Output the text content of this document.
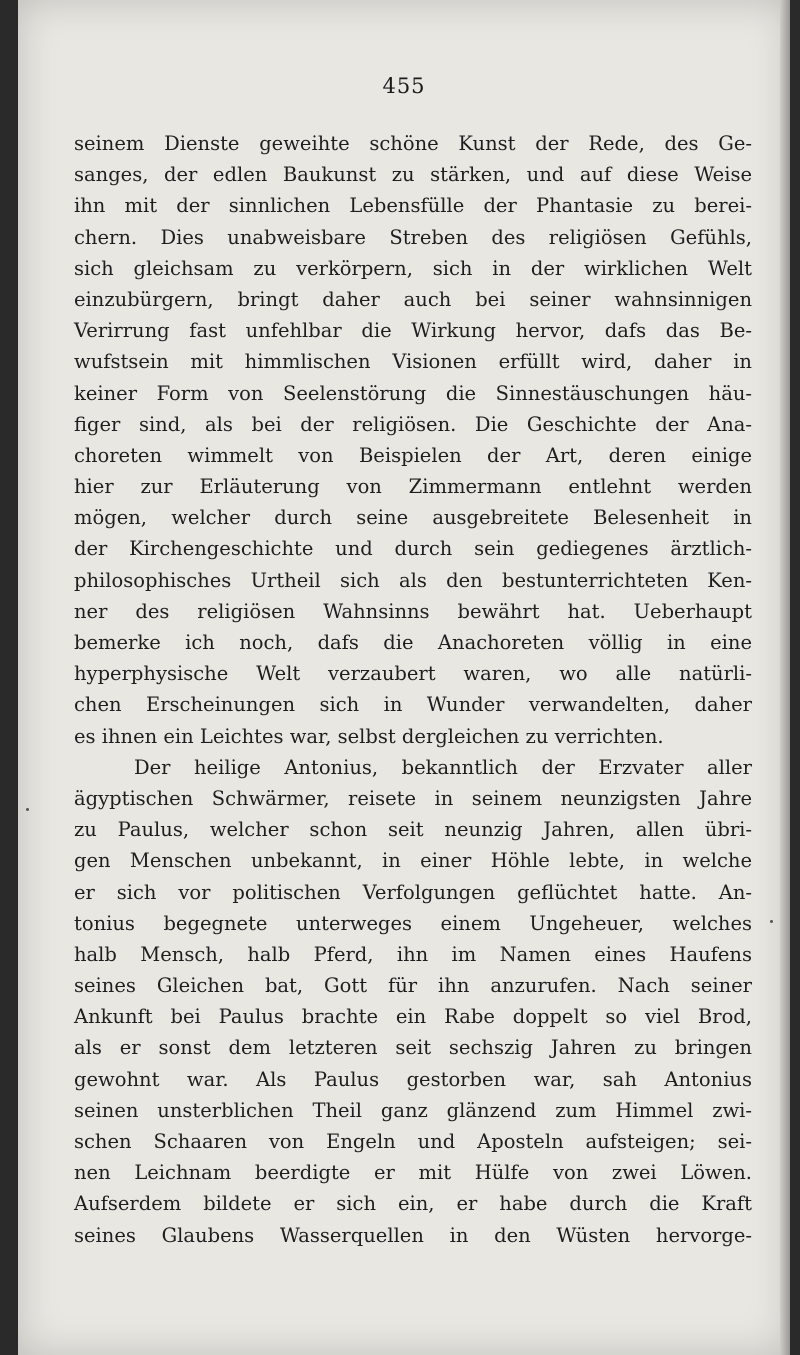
455
seinem Dienste geweihte schöne Kunst der Rede, des Ge-
sanges, der edlen Baukunst zu stärken, und auf diese Weise
ihn mit der sinnlichen Lebensfülle der Phantasie zu berei-
chern. Dies unabweisbare Streben des religiösen Gefühls,
sich gleichsam zu verkörpern, sich in der wirklichen Welt
einzubürgern, bringt daher auch bei seiner wahnsinnigen
Verirrung fast unfehlbar die Wirkung hervor, dafs das Be-
wufstsein mit himmlischen Visionen erfüllt wird, daher in
keiner Form von Seelenstörung die Sinnestäuschungen häu-
figer sind, als bei der religiösen. Die Geschichte der Ana-
choreten wimmelt von Beispielen der Art, deren einige
hier zur Erläuterung von Zimmermann entlehnt werden
mögen, welcher durch seine ausgebreitete Belesenheit in
der Kirchengeschichte und durch sein gediegenes ärztlich-
philosophisches Urtheil sich als den bestunterrichteten Ken-
ner des religiösen Wahnsinns bewährt hat. Ueberhaupt
bemerke ich noch, dafs die Anachoreten völlig in eine
hyperphysische Welt verzaubert waren, wo alle natürli-
chen Erscheinungen sich in Wunder verwandelten, daher
es ihnen ein Leichtes war, selbst dergleichen zu verrichten.
Der heilige Antonius, bekanntlich der Erzvater aller
ägyptischen Schwärmer, reisete in seinem neunzigsten Jahre
zu Paulus, welcher schon seit neunzig Jahren, allen übri-
gen Menschen unbekannt, in einer Höhle lebte, in welche
er sich vor politischen Verfolgungen geflüchtet hatte. An-
tonius begegnete unterweges einem Ungeheuer, welches
halb Mensch, halb Pferd, ihn im Namen eines Haufens
seines Gleichen bat, Gott für ihn anzurufen. Nach seiner
Ankunft bei Paulus brachte ein Rabe doppelt so viel Brod,
als er sonst dem letzteren seit sechszig Jahren zu bringen
gewohnt war. Als Paulus gestorben war, sah Antonius
seinen unsterblichen Theil ganz glänzend zum Himmel zwi-
schen Schaaren von Engeln und Aposteln aufsteigen; sei-
nen Leichnam beerdigte er mit Hülfe von zwei Löwen.
Aufserdem bildete er sich ein, er habe durch die Kraft
seines Glaubens Wasserquellen in den Wüsten hervorge-
